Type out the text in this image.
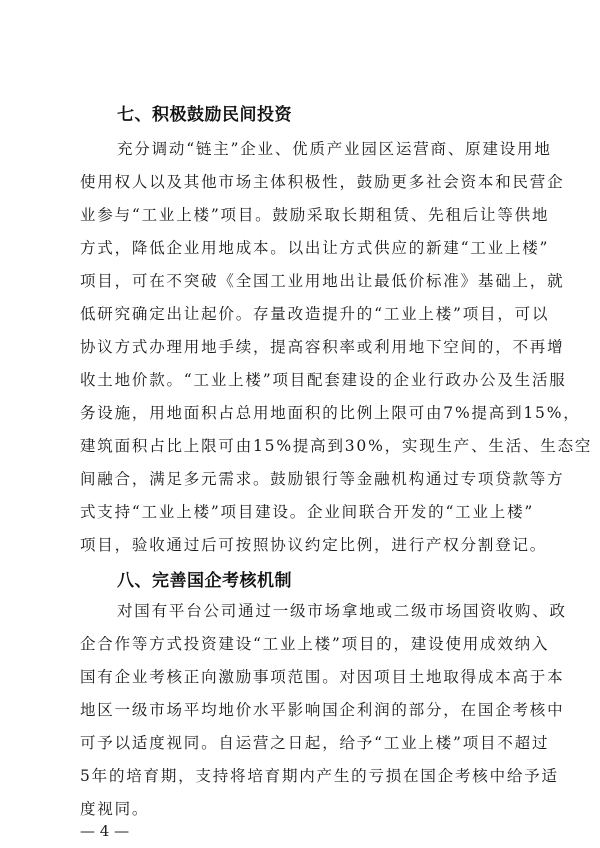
七、积极鼓励民间投资
充分调动“链主”企业、优质产业园区运营商、原建设用地
使用权人以及其他市场主体积极性，鼓励更多社会资本和民营企
业参与“工业上楼”项目。鼓励采取长期租赁、先租后让等供地
方式，降低企业用地成本。以出让方式供应的新建“工业上楼”
项目，可在不突破《全国工业用地出让最低价标准》基础上，就
低研究确定出让起价。存量改造提升的“工业上楼”项目，可以
协议方式办理用地手续，提高容积率或利用地下空间的，不再增
收土地价款。“工业上楼”项目配套建设的企业行政办公及生活服
务设施，用地面积占总用地面积的比例上限可由7%提高到15%，
建筑面积占比上限可由15%提高到30%，实现生产、生活、生态空
间融合，满足多元需求。鼓励银行等金融机构通过专项贷款等方
式支持“工业上楼”项目建设。企业间联合开发的“工业上楼”
项目，验收通过后可按照协议约定比例，进行产权分割登记。
八、完善国企考核机制
对国有平台公司通过一级市场拿地或二级市场国资收购、政
企合作等方式投资建设“工业上楼”项目的，建设使用成效纳入
国有企业考核正向激励事项范围。对因项目土地取得成本高于本
地区一级市场平均地价水平影响国企利润的部分，在国企考核中
可予以适度视同。自运营之日起，给予“工业上楼”项目不超过
5年的培育期，支持将培育期内产生的亏损在国企考核中给予适
度视同。
— 4 —
